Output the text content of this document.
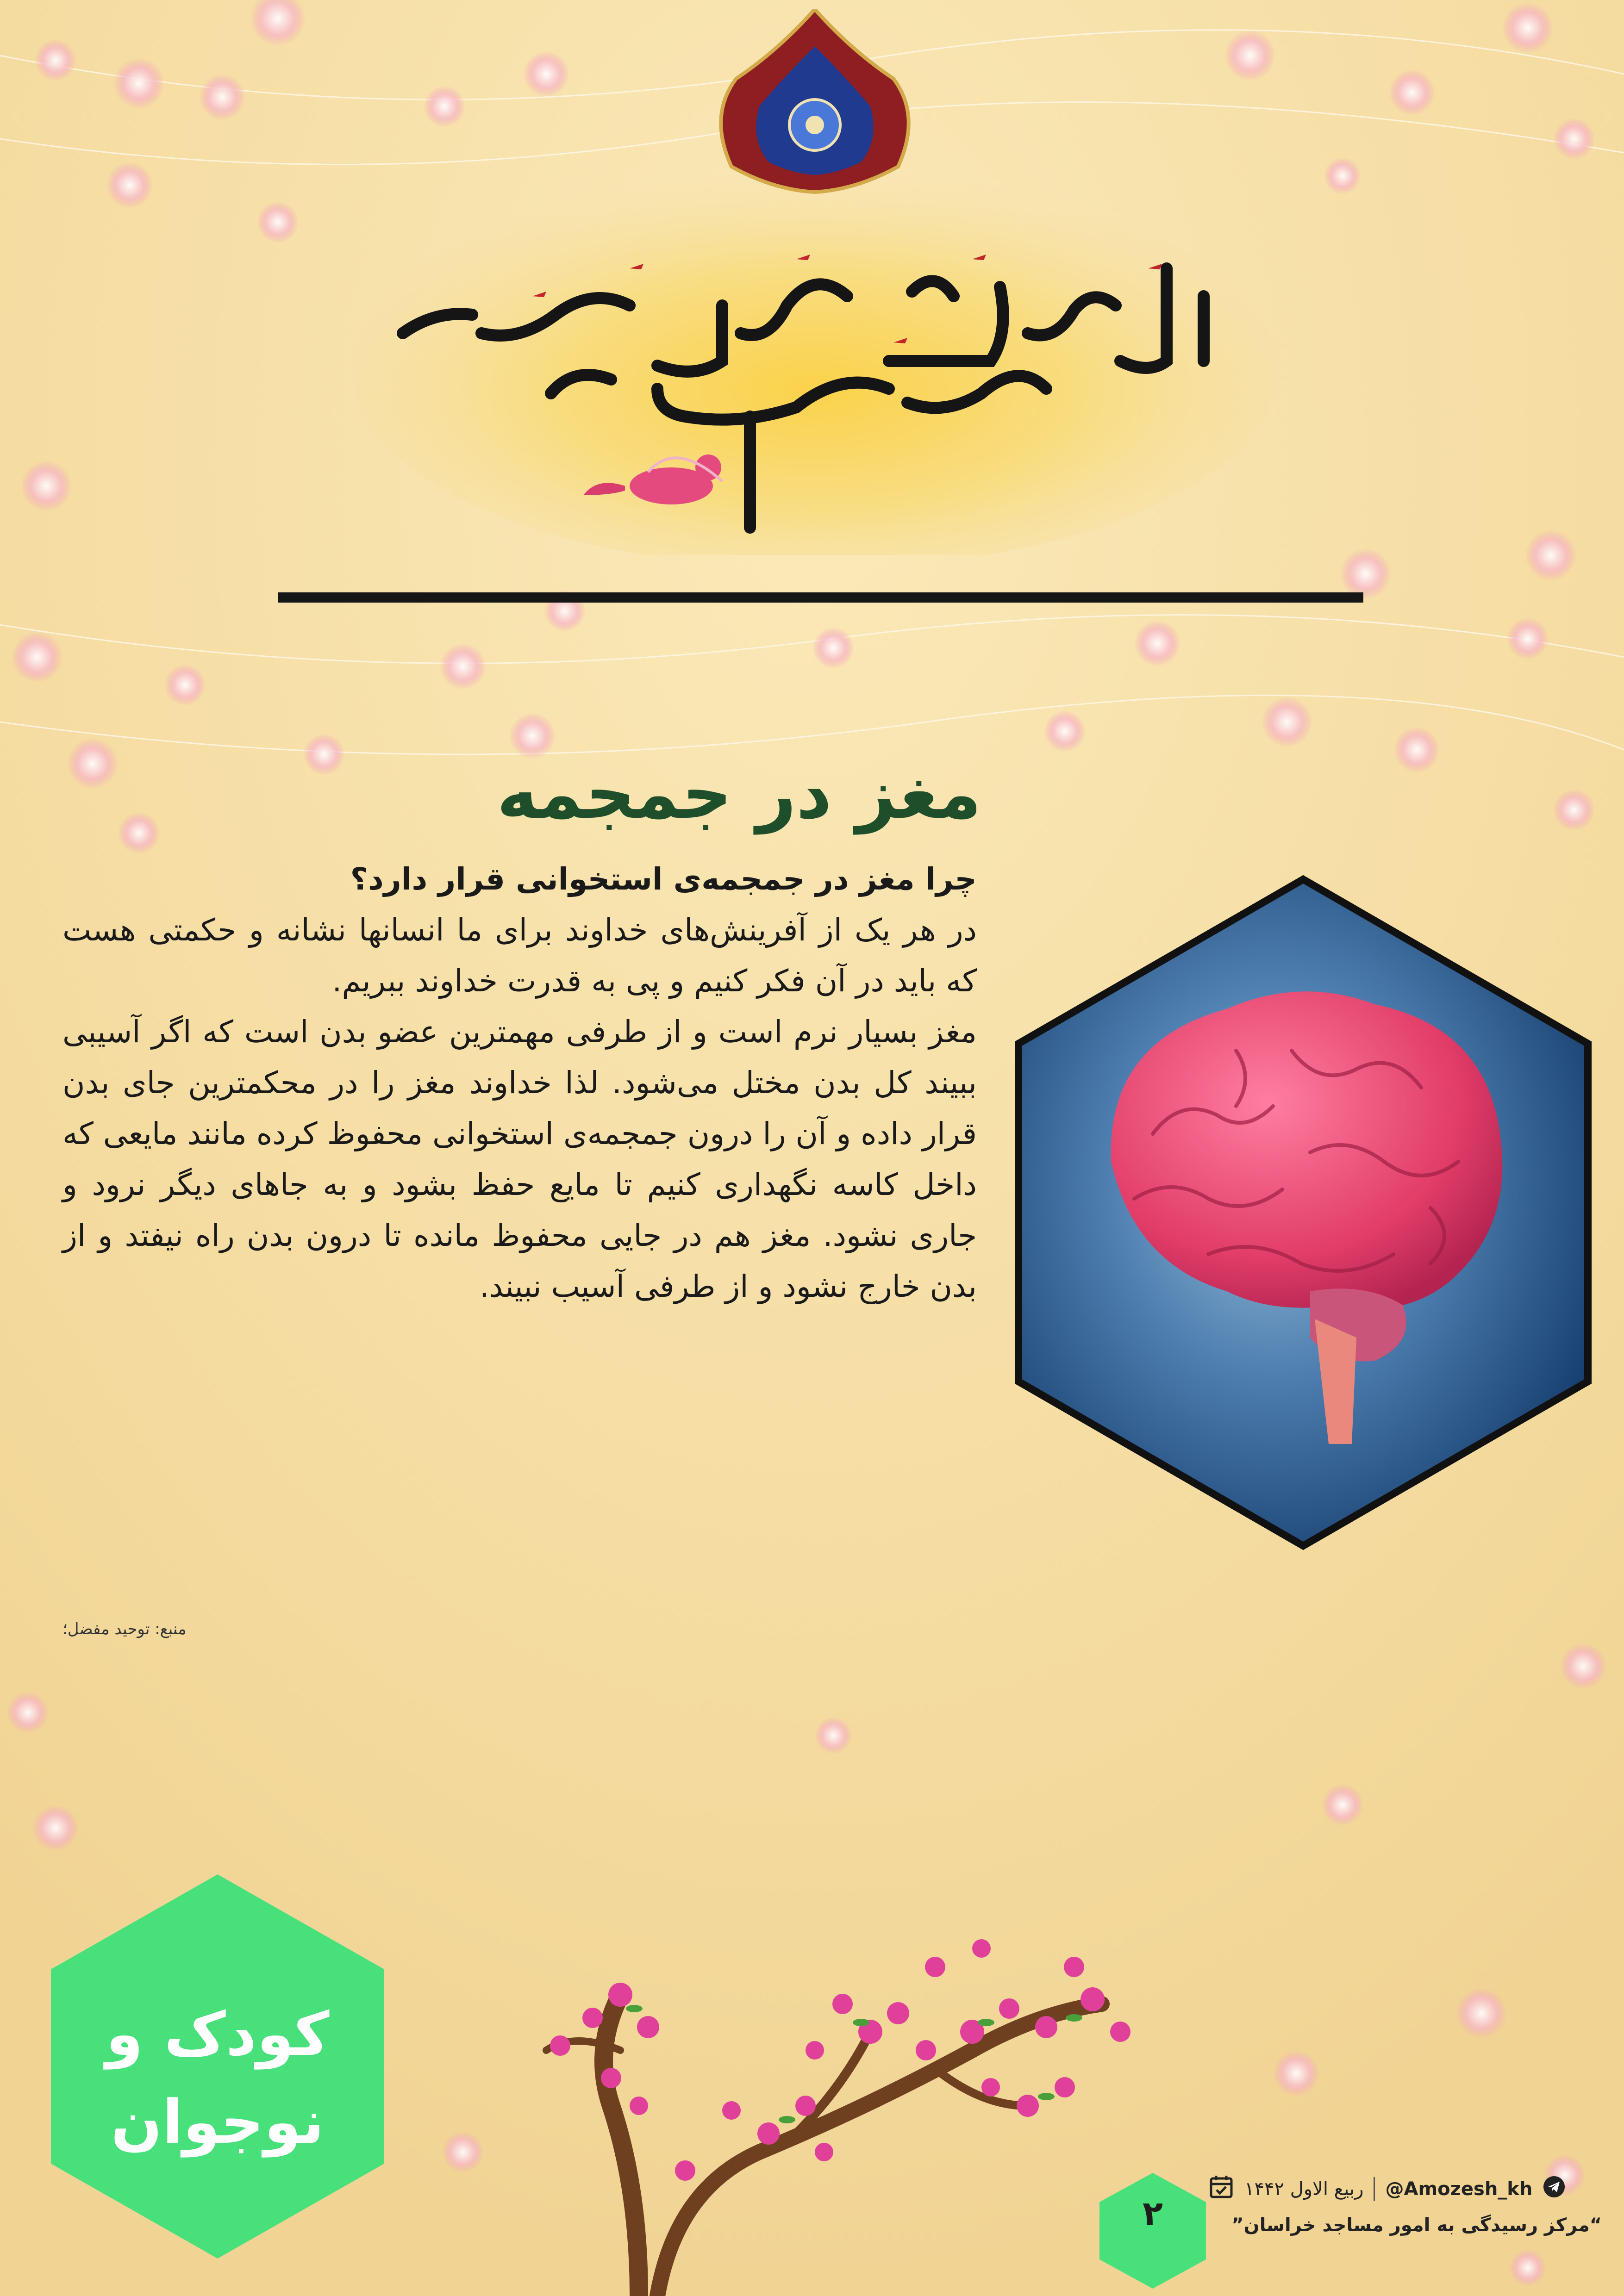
مغز در جمجمه

چرا مغز در جمجمه‌ی استخوانی قرار دارد؟

در هر یک از آفرینش‌های خداوند برای ما انسانها نشانه و حکمتی هست که باید در آن فکر کنیم و پی به قدرت خداوند ببریم.

مغز بسیار نرم است و از طرفی مهمترین عضو بدن است که اگر آسیبی ببیند کل بدن مختل می‌شود. لذا خداوند مغز را در محکمترین جای بدن قرار داده و آن را درون جمجمه‌ی استخوانی محفوظ کرده مانند مایعی که داخل کاسه نگهداری کنیم تا مایع حفظ بشود و به جاهای دیگر نرود و جاری نشود. مغز هم در جایی محفوظ مانده تا درون بدن راه نیفتد و از بدن خارج نشود و از طرفی آسیب نبیند.

منبع: توحید مفضل؛
کودک و
نوجوان
۲
ربیع الاول ۱۴۴۲ @Amozesh_kh
“مرکز رسیدگی به امور مساجد خراسان”
